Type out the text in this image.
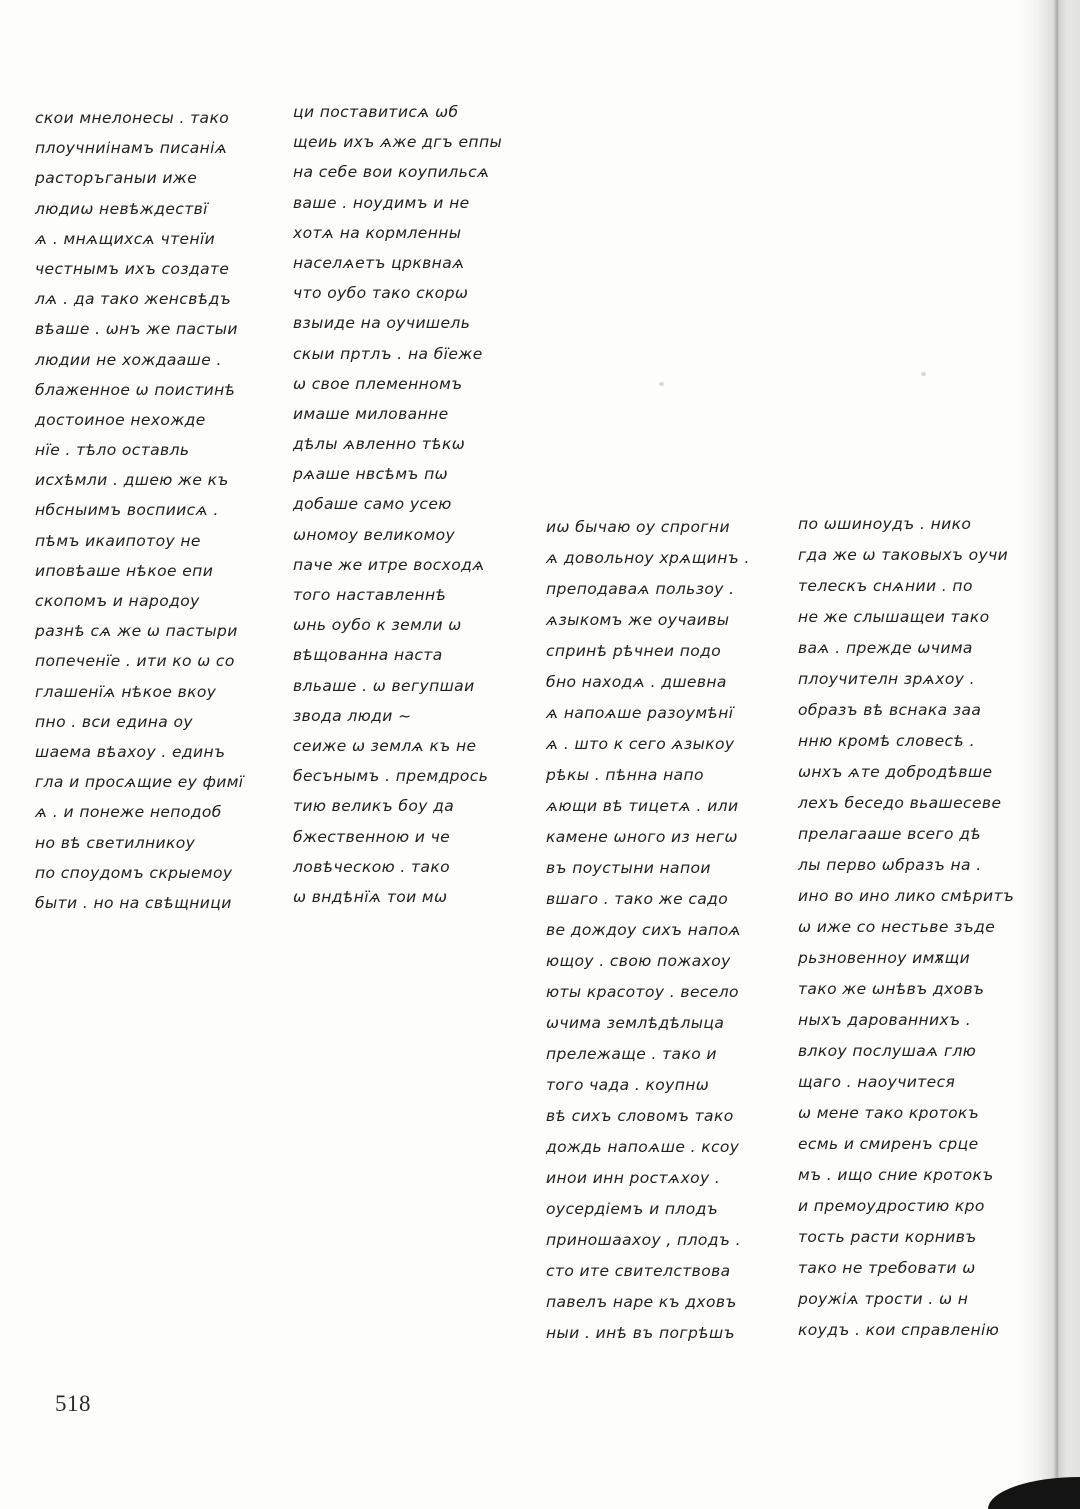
скои мнелонесы . тако
плоучниінамъ писаніѧ
расторъганыи иже
людиѡ невѣждествї
ѧ . мнѧщихсѧ чтенїи
честнымъ ихъ создате
лѧ . да тако женсвѣдъ
вѣаше . ѡнъ же пастыи
людии не хождааше .
блаженное ѡ поистинѣ
достоиное нехожде
нїе . тѣло оставль
исхѣмли . дшею же къ
нбсныимъ воспиисѧ .
пѣмъ икаипотоу не
иповѣаше нѣкое епи
скопомъ и народоу
разнѣ сѧ же ѡ пастыри
попеченїе . ити ко ѡ со
глашенїѧ нѣкое вкоу
пно . вси едина оу
шаема вѣахоу . единъ
гла и просѧщие еу фимї
ѧ . и понеже неподоб
но вѣ светилникоу
по споудомъ скрыемоу
быти . но на свѣщници
ци поставитисѧ ѡб
щеиь ихъ ѧже дгъ еппы
на себе вои коупильсѧ
ваше . ноудимъ и не
хотѧ на кормленны
населѧетъ црквнаѧ
что оубо тако скорѡ
взыиде на оучишель
скыи пртлъ . на бїеже
ѡ свое племенномъ
имаше милованне
дѣлы ѧвленно тѣкѡ
рѧаше нвсѣмъ пѡ
добаше само усею
ѡномоу великомоу
паче же итре восходѧ
того наставленнѣ
ѡнь оубо к земли ѡ
вѣщованна наста
вльаше . ѡ вегупшаи
звода люди ~
сеиже ѡ землѧ къ не
бесънымъ . премдрось
тию великъ боу да
бжественною и че
ловѣческою . тако
ѡ вндѣнїѧ тои мѡ
иѡ бычаю оу спрогни
ѧ довольноу хрѧщинъ .
преподаваѧ пользоу .
ѧзыкомъ же оучаивы
спринѣ рѣчнеи подо
бно находѧ . дшевна
ѧ напоѧше разоумѣнї
ѧ . што к сего ѧзыкоу
рѣкы . пѣнна напо
ѧющи вѣ тицетѧ . или
камене ѡного из негѡ
въ поустыни напои
вшаго . тако же садо
ве дождоу сихъ напоѧ
ющоу . свою пожахоу
юты красотоу . весело
ѡчима землѣдѣлыца
прележаще . тако и
того чада . коупнѡ
вѣ сихъ словомъ тако
дождь напоѧше . ксоу
инои инн ростѧхоу .
оусердіемъ и плодъ
приношаахоу , плодъ .
сто ите свителствова
павелъ наре къ дховъ
ныи . инѣ въ погрѣшъ
по ѡшиноудъ . нико
гда же ѡ таковыхъ оучи
телескъ снѧнии . по
не же слышащеи тако
ваѧ . прежде ѡчима
плоучителн зрѧхоу .
образъ вѣ вснака заа
нню кромѣ словесѣ .
ѡнхъ ѧте добродѣвше
лехъ беседо вьашесеве
прелагааше всего дѣ
лы перво ѡбразъ на .
ино во ино лико смѣритъ
ѡ иже со нестьве зъде
рьзновенноу имѫщи
тако же ѡнѣвъ дховъ
ныхъ дарованнихъ .
влкоу послушаѧ глю
щаго . наоучитеся
ѡ мене тако кротокъ
есмь и смиренъ срце
мъ . ищо сние кротокъ
и премоудростию кро
тость расти корнивъ
тако не требовати ѡ
роужіѧ трости . ѡ н
коудъ . кои справленію
518
